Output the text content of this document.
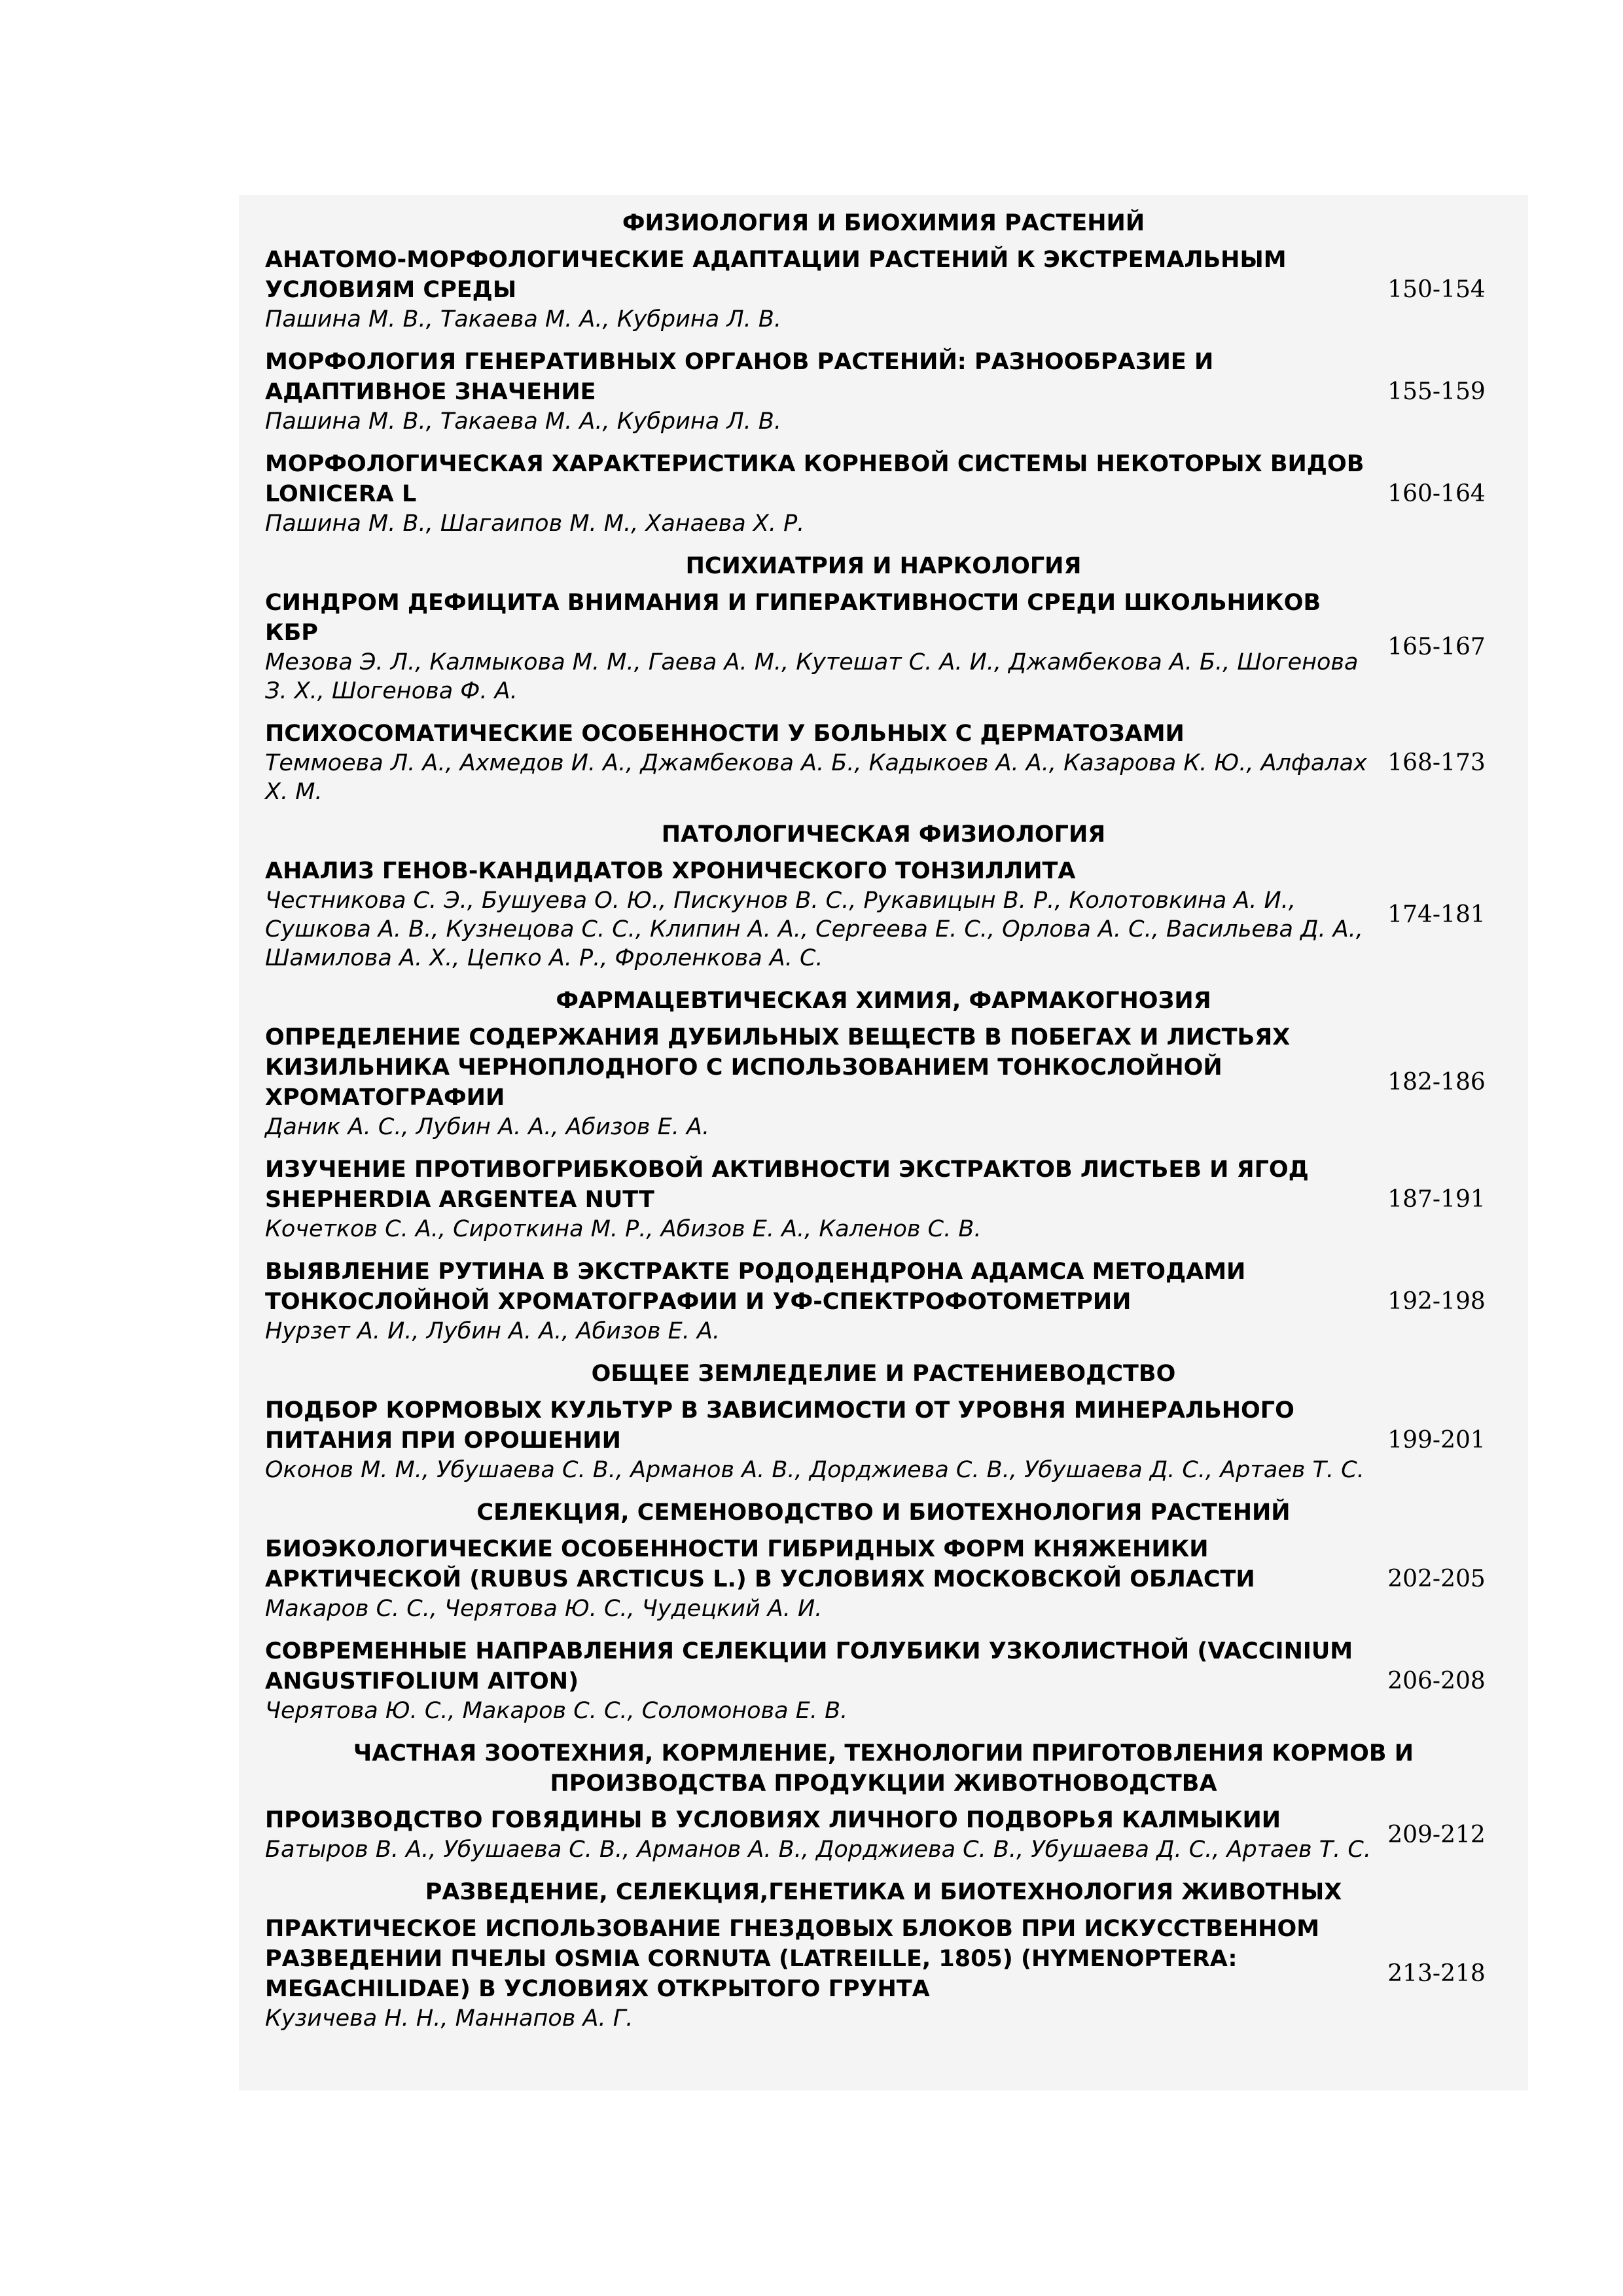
ФИЗИОЛОГИЯ И БИОХИМИЯ РАСТЕНИЙ
АНАТОМО-МОРФОЛОГИЧЕСКИЕ АДАПТАЦИИ РАСТЕНИЙ К ЭКСТРЕМАЛЬНЫМ УСЛОВИЯМ СРЕДЫ
Пашина М. В., Такаева М. А., Кубрина Л. В.
150-154
МОРФОЛОГИЯ ГЕНЕРАТИВНЫХ ОРГАНОВ РАСТЕНИЙ: РАЗНООБРАЗИЕ И АДАПТИВНОЕ ЗНАЧЕНИЕ
Пашина М. В., Такаева М. А., Кубрина Л. В.
155-159
МОРФОЛОГИЧЕСКАЯ ХАРАКТЕРИСТИКА КОРНЕВОЙ СИСТЕМЫ НЕКОТОРЫХ ВИДОВ LONICERA L
Пашина М. В., Шагаипов М. М., Ханаева Х. Р.
160-164
ПСИХИАТРИЯ И НАРКОЛОГИЯ
СИНДРОМ ДЕФИЦИТА ВНИМАНИЯ И ГИПЕРАКТИВНОСТИ СРЕДИ ШКОЛЬНИКОВ КБР
Мезова Э. Л., Калмыкова М. М., Гаева А. М., Кутешат С. А. И., Джамбекова А. Б., Шогенова З. Х., Шогенова Ф. А.
165-167
ПСИХОСОМАТИЧЕСКИЕ ОСОБЕННОСТИ У БОЛЬНЫХ С ДЕРМАТОЗАМИ
Теммоева Л. А., Ахмедов И. А., Джамбекова А. Б., Кадыкоев А. А., Казарова К. Ю., Алфалах Х. М.
168-173
ПАТОЛОГИЧЕСКАЯ ФИЗИОЛОГИЯ
АНАЛИЗ ГЕНОВ-КАНДИДАТОВ ХРОНИЧЕСКОГО ТОНЗИЛЛИТА
Честникова С. Э., Бушуева О. Ю., Пискунов В. С., Рукавицын В. Р., Колотовкина А. И., Сушкова А. В., Кузнецова С. С., Клипин А. А., Сергеева Е. С., Орлова А. С., Васильева Д. А., Шамилова А. Х., Цепко А. Р., Фроленкова А. С.
174-181
ФАРМАЦЕВТИЧЕСКАЯ ХИМИЯ, ФАРМАКОГНОЗИЯ
ОПРЕДЕЛЕНИЕ СОДЕРЖАНИЯ ДУБИЛЬНЫХ ВЕЩЕСТВ В ПОБЕГАХ И ЛИСТЬЯХ КИЗИЛЬНИКА ЧЕРНОПЛОДНОГО С ИСПОЛЬЗОВАНИЕМ ТОНКОСЛОЙНОЙ ХРОМАТОГРАФИИ
Даник А. С., Лубин А. А., Абизов Е. А.
182-186
ИЗУЧЕНИЕ ПРОТИВОГРИБКОВОЙ АКТИВНОСТИ ЭКСТРАКТОВ ЛИСТЬЕВ И ЯГОД SHEPHERDIA ARGENTEA NUTT
Кочетков С. А., Сироткина М. Р., Абизов Е. А., Каленов С. В.
187-191
ВЫЯВЛЕНИЕ РУТИНА В ЭКСТРАКТЕ РОДОДЕНДРОНА АДАМСА МЕТОДАМИ ТОНКОСЛОЙНОЙ ХРОМАТОГРАФИИ И УФ-СПЕКТРОФОТОМЕТРИИ
Нурзет А. И., Лубин А. А., Абизов Е. А.
192-198
ОБЩЕЕ ЗЕМЛЕДЕЛИЕ И РАСТЕНИЕВОДСТВО
ПОДБОР КОРМОВЫХ КУЛЬТУР В ЗАВИСИМОСТИ ОТ УРОВНЯ МИНЕРАЛЬНОГО ПИТАНИЯ ПРИ ОРОШЕНИИ
Оконов М. М., Убушаева С. В., Арманов А. В., Дорджиева С. В., Убушаева Д. С., Артаев Т. С.
199-201
СЕЛЕКЦИЯ, СЕМЕНОВОДСТВО И БИОТЕХНОЛОГИЯ РАСТЕНИЙ
БИОЭКОЛОГИЧЕСКИЕ ОСОБЕННОСТИ ГИБРИДНЫХ ФОРМ КНЯЖЕНИКИ АРКТИЧЕСКОЙ (RUBUS ARCTICUS L.) В УСЛОВИЯХ МОСКОВСКОЙ ОБЛАСТИ
Макаров С. С., Черятова Ю. С., Чудецкий А. И.
202-205
СОВРЕМЕННЫЕ НАПРАВЛЕНИЯ СЕЛЕКЦИИ ГОЛУБИКИ УЗКОЛИСТНОЙ (VACCINIUM ANGUSTIFOLIUM AITON)
Черятова Ю. С., Макаров С. С., Соломонова Е. В.
206-208
ЧАСТНАЯ ЗООТЕХНИЯ, КОРМЛЕНИЕ, ТЕХНОЛОГИИ ПРИГОТОВЛЕНИЯ КОРМОВ И ПРОИЗВОДСТВА ПРОДУКЦИИ ЖИВОТНОВОДСТВА
ПРОИЗВОДСТВО ГОВЯДИНЫ В УСЛОВИЯХ ЛИЧНОГО ПОДВОРЬЯ КАЛМЫКИИ
Батыров В. А., Убушаева С. В., Арманов А. В., Дорджиева С. В., Убушаева Д. С., Артаев Т. С.
209-212
РАЗВЕДЕНИЕ, СЕЛЕКЦИЯ,ГЕНЕТИКА И БИОТЕХНОЛОГИЯ ЖИВОТНЫХ
ПРАКТИЧЕСКОЕ ИСПОЛЬЗОВАНИЕ ГНЕЗДОВЫХ БЛОКОВ ПРИ ИСКУССТВЕННОМ РАЗВЕДЕНИИ ПЧЕЛЫ OSMIA CORNUTA (LATREILLE, 1805) (HYMENOPTERA: MEGACHILIDAE) В УСЛОВИЯХ ОТКРЫТОГО ГРУНТА
Кузичева Н. Н., Маннапов А. Г.
213-218
